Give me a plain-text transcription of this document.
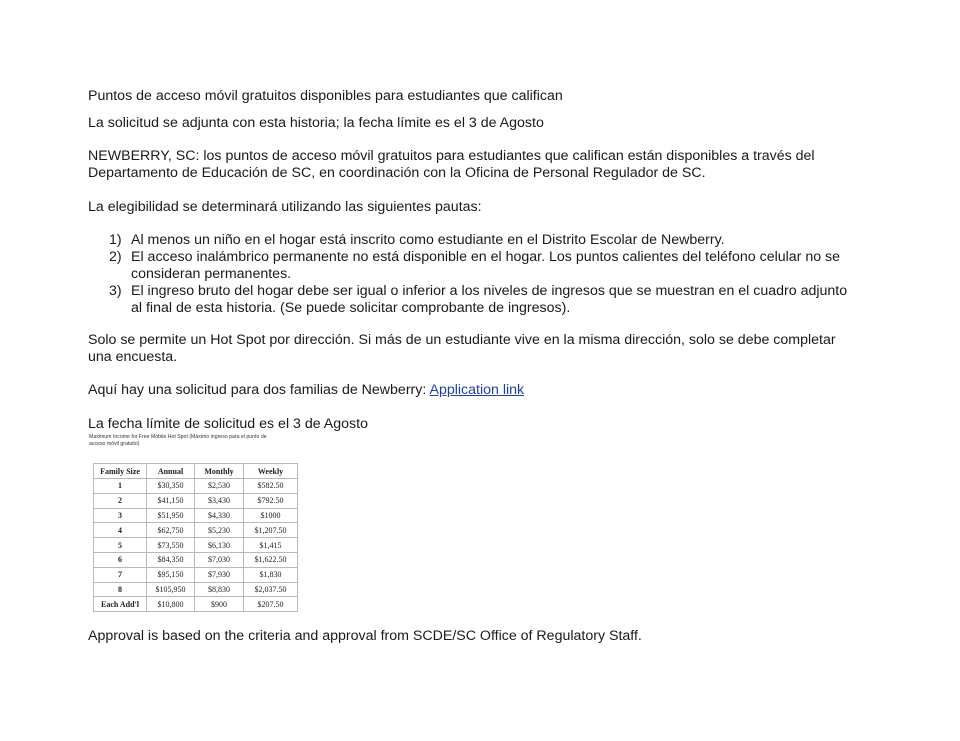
Puntos de acceso móvil gratuitos disponibles para estudiantes que califican

La solicitud se adjunta con esta historia; la fecha límite es el 3 de Agosto

NEWBERRY, SC: los puntos de acceso móvil gratuitos para estudiantes que califican están disponibles a través del

Departamento de Educación de SC, en coordinación con la Oficina de Personal Regulador de SC.

La elegibilidad se determinará utilizando las siguientes pautas:

1) Al menos un niño en el hogar está inscrito como estudiante en el Distrito Escolar de Newberry.
2) El acceso inalámbrico permanente no está disponible en el hogar. Los puntos calientes del teléfono celular no se
consideran permanentes.
3) El ingreso bruto del hogar debe ser igual o inferior a los niveles de ingresos que se muestran en el cuadro adjunto
al final de esta historia. (Se puede solicitar comprobante de ingresos).

Solo se permite un Hot Spot por dirección. Si más de un estudiante vive en la misma dirección, solo se debe completar

una encuesta.

Aquí hay una solicitud para dos familias de Newberry: Application link

La fecha límite de solicitud es el 3 de Agosto

Maximum Income for Free Mobile Hot Spot (Máximo ingreso para el punto de
acceso móvil gratuito)
Family Size	Annual	Monthly	Weekly
1	$30,350	$2,530	$582.50
2	$41,150	$3,430	$792.50
3	$51,950	$4,330	$1000
4	$62,750	$5,230	$1,207.50
5	$73,550	$6,130	$1,415
6	$84,350	$7,030	$1,622.50
7	$95,150	$7,930	$1,830
8	$105,950	$8,830	$2,037.50
Each Add'l	$10,800	$900	$207.50

Approval is based on the criteria and approval from SCDE/SC Office of Regulatory Staff.
